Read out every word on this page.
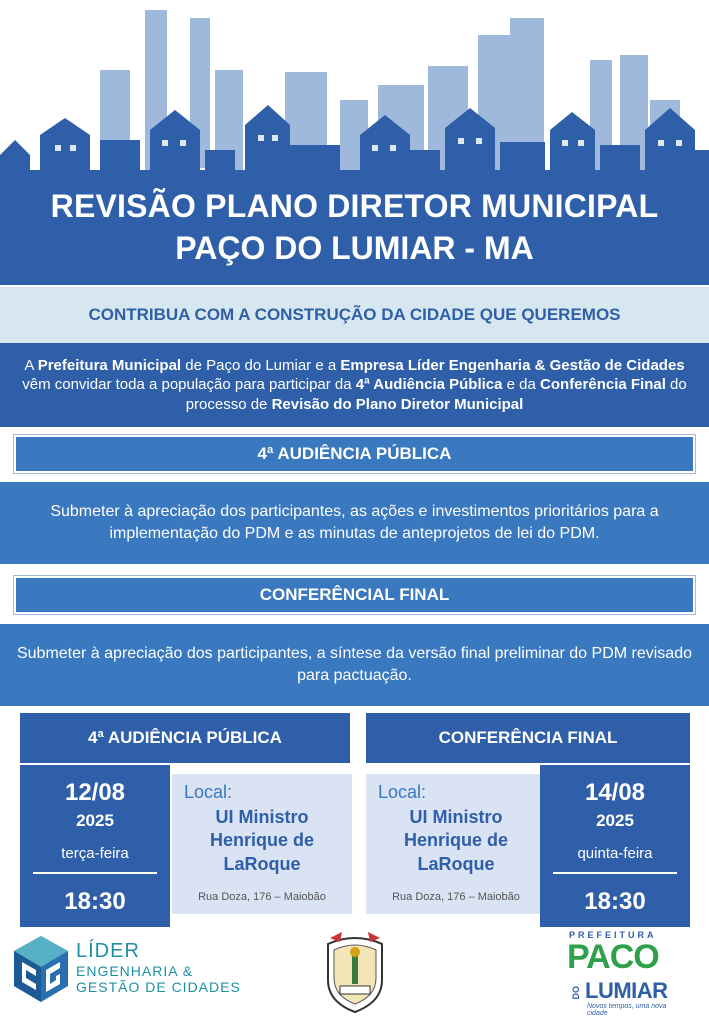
REVISÃO PLANO DIRETOR MUNICIPAL
PAÇO DO LUMIAR - MA
CONTRIBUA COM A CONSTRUÇÃO DA CIDADE QUE QUEREMOS
A Prefeitura Municipal de Paço do Lumiar e a Empresa Líder Engenharia & Gestão de Cidades vêm convidar toda a população para participar da 4ª Audiência Pública e da Conferência Final do processo de Revisão do Plano Diretor Municipal
4ª AUDIÊNCIA PÚBLICA
Submeter à apreciação dos participantes, as ações e investimentos prioritários para a implementação do PDM e as minutas de anteprojetos de lei do PDM.
CONFERÊNCIAL FINAL
Submeter à apreciação dos participantes, a síntese da versão final preliminar do PDM revisado para pactuação.
4ª AUDIÊNCIA PÚBLICA
12/08
2025
terça-feira
18:30
Local:
UI Ministro
Henrique de
LaRoque
Rua Doza, 176 – Maiobão
CONFERÊNCIA FINAL
Local:
UI Ministro
Henrique de
LaRoque
Rua Doza, 176 – Maiobão
14/08
2025
quinta-feira
18:30
LÍDER
ENGENHARIA &
GESTÃO DE CIDADES
PREFEITURA
PACO
DO LUMIAR
Novos tempos, uma nova cidade
